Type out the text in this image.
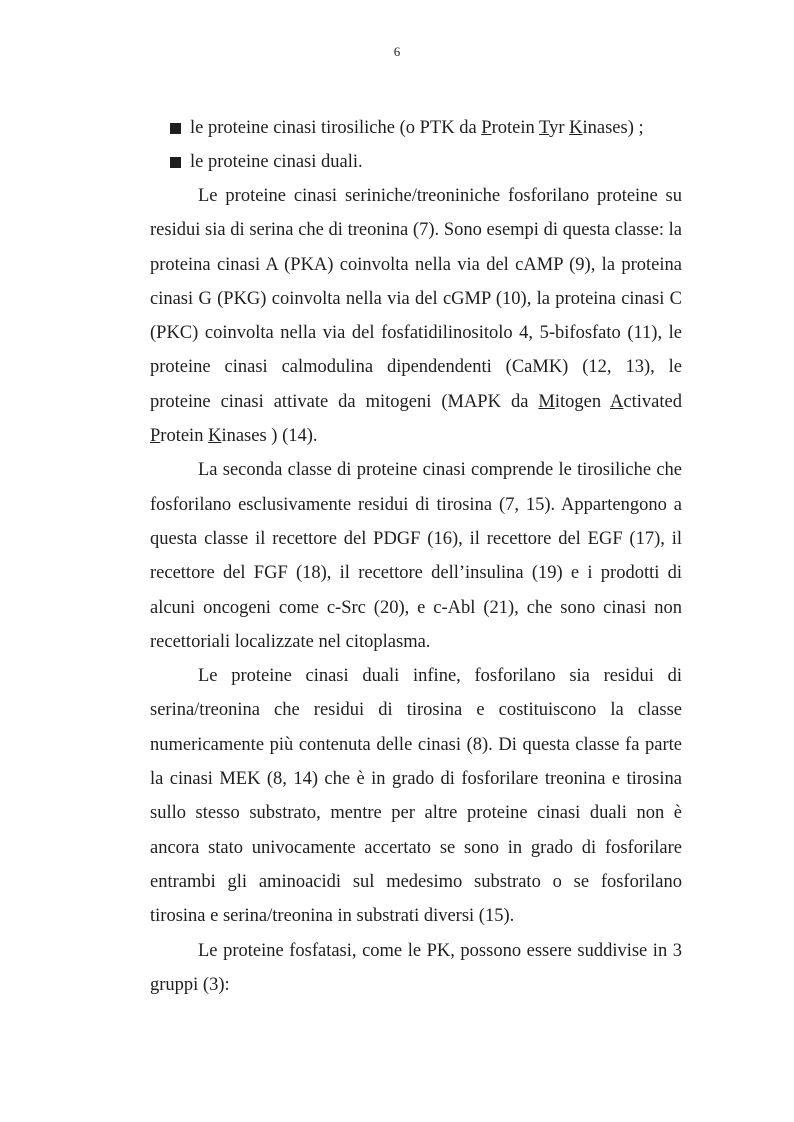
6
le proteine cinasi tirosiliche (o PTK da Protein Tyr Kinases) ;
le proteine cinasi duali.

Le proteine cinasi seriniche/treoniniche fosforilano proteine su residui sia di serina che di treonina (7). Sono esempi di questa classe: la proteina cinasi A (PKA) coinvolta nella via del cAMP (9), la proteina cinasi G (PKG) coinvolta nella via del cGMP (10), la proteina cinasi C (PKC) coinvolta nella via del fosfatidilinositolo 4, 5-bifosfato (11), le proteine cinasi calmodulina dipendendenti (CaMK) (12, 13), le proteine cinasi attivate da mitogeni (MAPK da Mitogen Activated Protein Kinases ) (14).

La seconda classe di proteine cinasi comprende le tirosiliche che fosforilano esclusivamente residui di tirosina (7, 15). Appartengono a questa classe il recettore del PDGF (16), il recettore del EGF (17), il recettore del FGF (18), il recettore dell’insulina (19) e i prodotti di alcuni oncogeni come c-Src (20), e c-Abl (21), che sono cinasi non recettoriali localizzate nel citoplasma.

Le proteine cinasi duali infine, fosforilano sia residui di serina/treonina che residui di tirosina e costituiscono la classe numericamente più contenuta delle cinasi (8). Di questa classe fa parte la cinasi MEK (8, 14) che è in grado di fosforilare treonina e tirosina sullo stesso substrato, mentre per altre proteine cinasi duali non è ancora stato univocamente accertato se sono in grado di fosforilare entrambi gli aminoacidi sul medesimo substrato o se fosforilano tirosina e serina/treonina in substrati diversi (15).

Le proteine fosfatasi, come le PK, possono essere suddivise in 3 gruppi (3):
